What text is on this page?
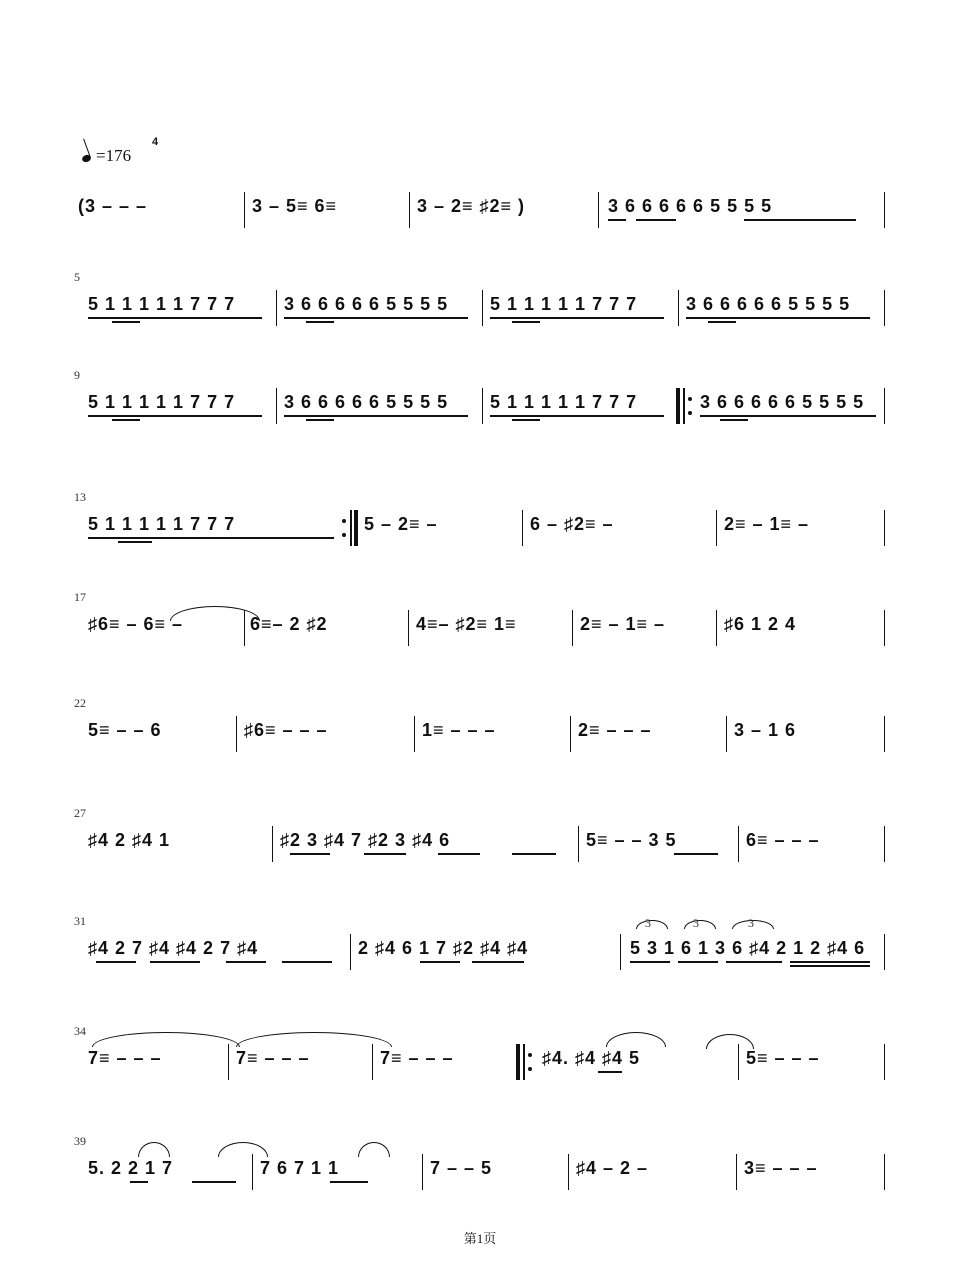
=176
4
(3 – – –	3 – 5≡ 6≡	3 – 2≡ ♯2≡ )	3 6 6 6 6 6 5 5 5 5
5
5 1 1 1 1 1 7 7 7	3 6 6 6 6 6 5 5 5 5 5 1 1 1 1 1 7 7 7	3 6 6 6 6 6 5 5 5 5
9
5 1 1 1 1 1 7 7 7	3 6 6 6 6 6 5 5 5 5 5 1 1 1 1 1 7 7 7	3 6 6 6 6 6 5 5 5 5
13
5 1 1 1 1 1 7 7 7	5 – 2≡ –	6 – ♯2≡ –	2≡ – 1≡ –
17
♯6≡ – 6≡ –	6≡– 2 ♯2	4≡– ♯2≡ 1≡	2≡ – 1≡ –	♯6 1 2 4
22
5≡ – – 6	♯6≡ – – –	1≡ – – –	2≡ – – –	3 – 1 6
27
♯4 2 ♯4 1	♯2 3 ♯4 7 ♯2 3 ♯4 6	5≡ – – 3 5	6≡ – – –
31
♯4 2 7 ♯4 ♯4 2 7 ♯4	2 ♯4 6 1 7 ♯2 ♯4 ♯4
3	3	3
5 3 1 6 1 3 6 ♯4 2 1 2 ♯4 6
34
7≡ – – –	7≡ – – –	7≡ – – –	♯4. ♯4 ♯4 5	5≡ – – –
39
5. 2 2 1 7	7 6 7 1 1	7 – – 5	♯4 – 2 –	3≡ – – –
第1页
